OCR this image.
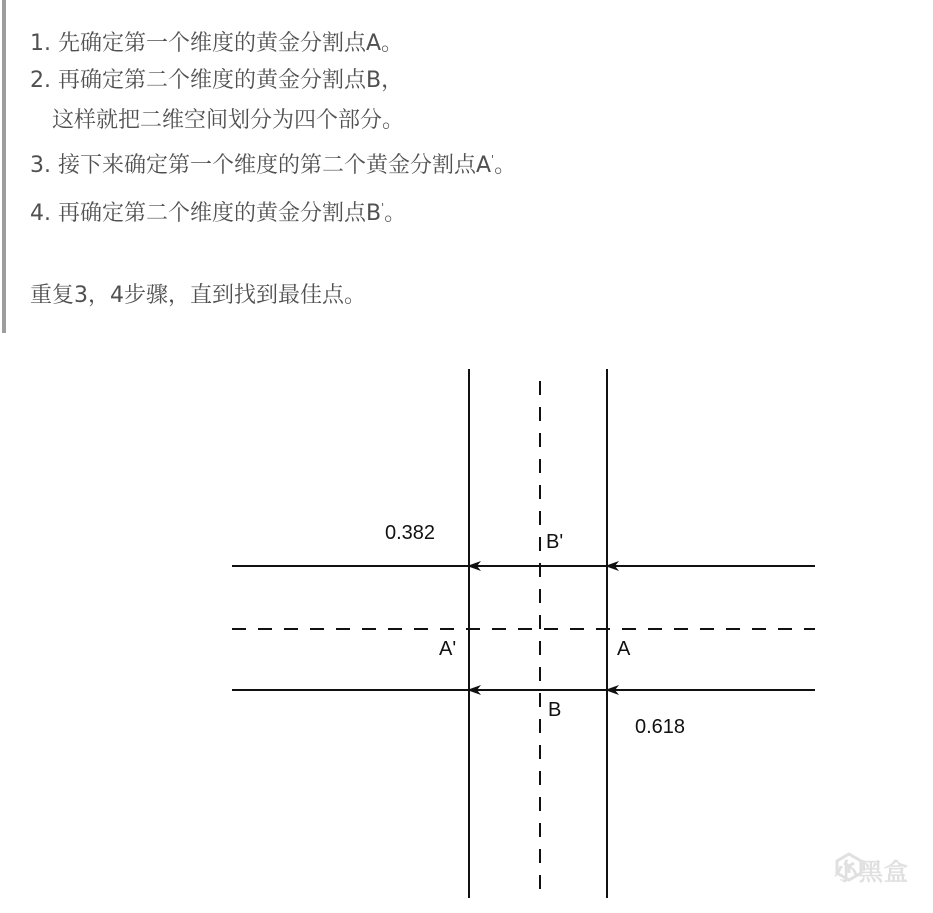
1. 先确定第一个维度的黄金分割点A。
2. 再确定第二个维度的黄金分割点B，
这样就把二维空间划分为四个部分。
3. 接下来确定第一个维度的第二个黄金分割点A'。
4. 再确定第二个维度的黄金分割点B'。
重复3，4步骤，直到找到最佳点。
0.382	B'
A'	A
B
0.618
小黑盒
